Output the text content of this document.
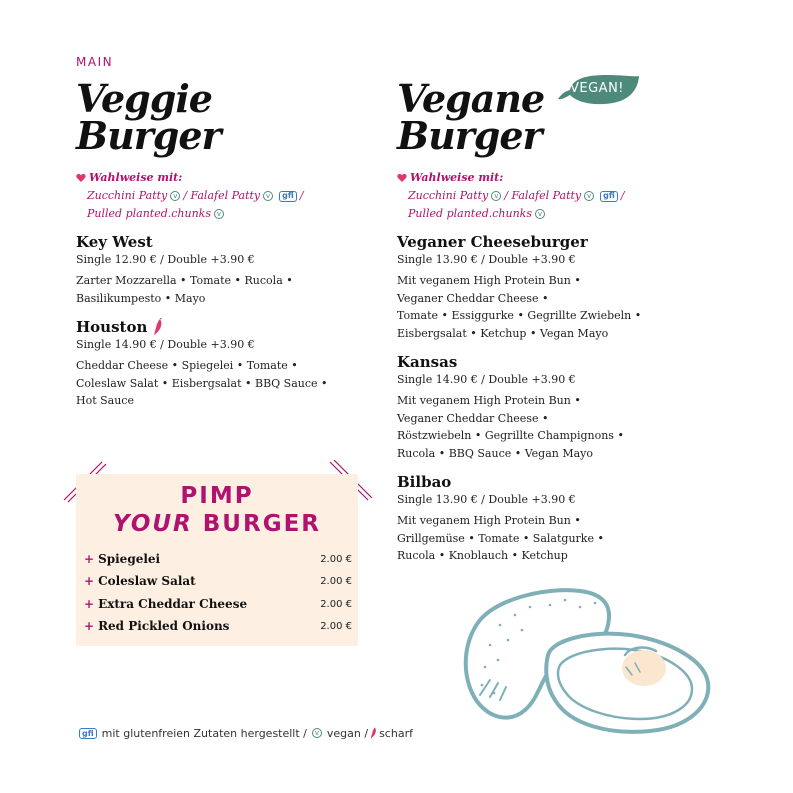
MAIN
Veggie
Burger
Vegane
Burger
VEGAN!
Wahlweise mit:
Zucchini Patty v / Falafel Patty v	gfi /
Pulled planted.chunks v
Wahlweise mit:
Zucchini Patty v / Falafel Patty v	gfi /
Pulled planted.chunks v
Key West
Single 12.90 € / Double +3.90 €
Zarter Mozzarella • Tomate • Rucola •
Basilikumpesto • Mayo
Houston
Single 14.90 € / Double +3.90 €
Cheddar Cheese • Spiegelei • Tomate •
Coleslaw Salat • Eisbergsalat • BBQ Sauce •
Hot Sauce
Veganer Cheeseburger
Single 13.90 € / Double +3.90 €
Mit veganem High Protein Bun •
Veganer Cheddar Cheese •
Tomate • Essiggurke • Gegrillte Zwiebeln •
Eisbergsalat • Ketchup • Vegan Mayo
Kansas
Single 14.90 € / Double +3.90 €
Mit veganem High Protein Bun •
Veganer Cheddar Cheese •
Röstzwiebeln • Gegrillte Champignons •
Rucola • BBQ Sauce • Vegan Mayo
Bilbao
Single 13.90 € / Double +3.90 €
Mit veganem High Protein Bun •
Grillgemüse • Tomate • Salatgurke •
Rucola • Knoblauch • Ketchup
PIMP
YOUR BURGER
+ Spiegelei	2.00 €
+ Coleslaw Salat	2.00 €
+ Extra Cheddar Cheese	2.00 €
+ Red Pickled Onions	2.00 €
gfi mit glutenfreien Zutaten hergestellt /	v vegan / scharf
